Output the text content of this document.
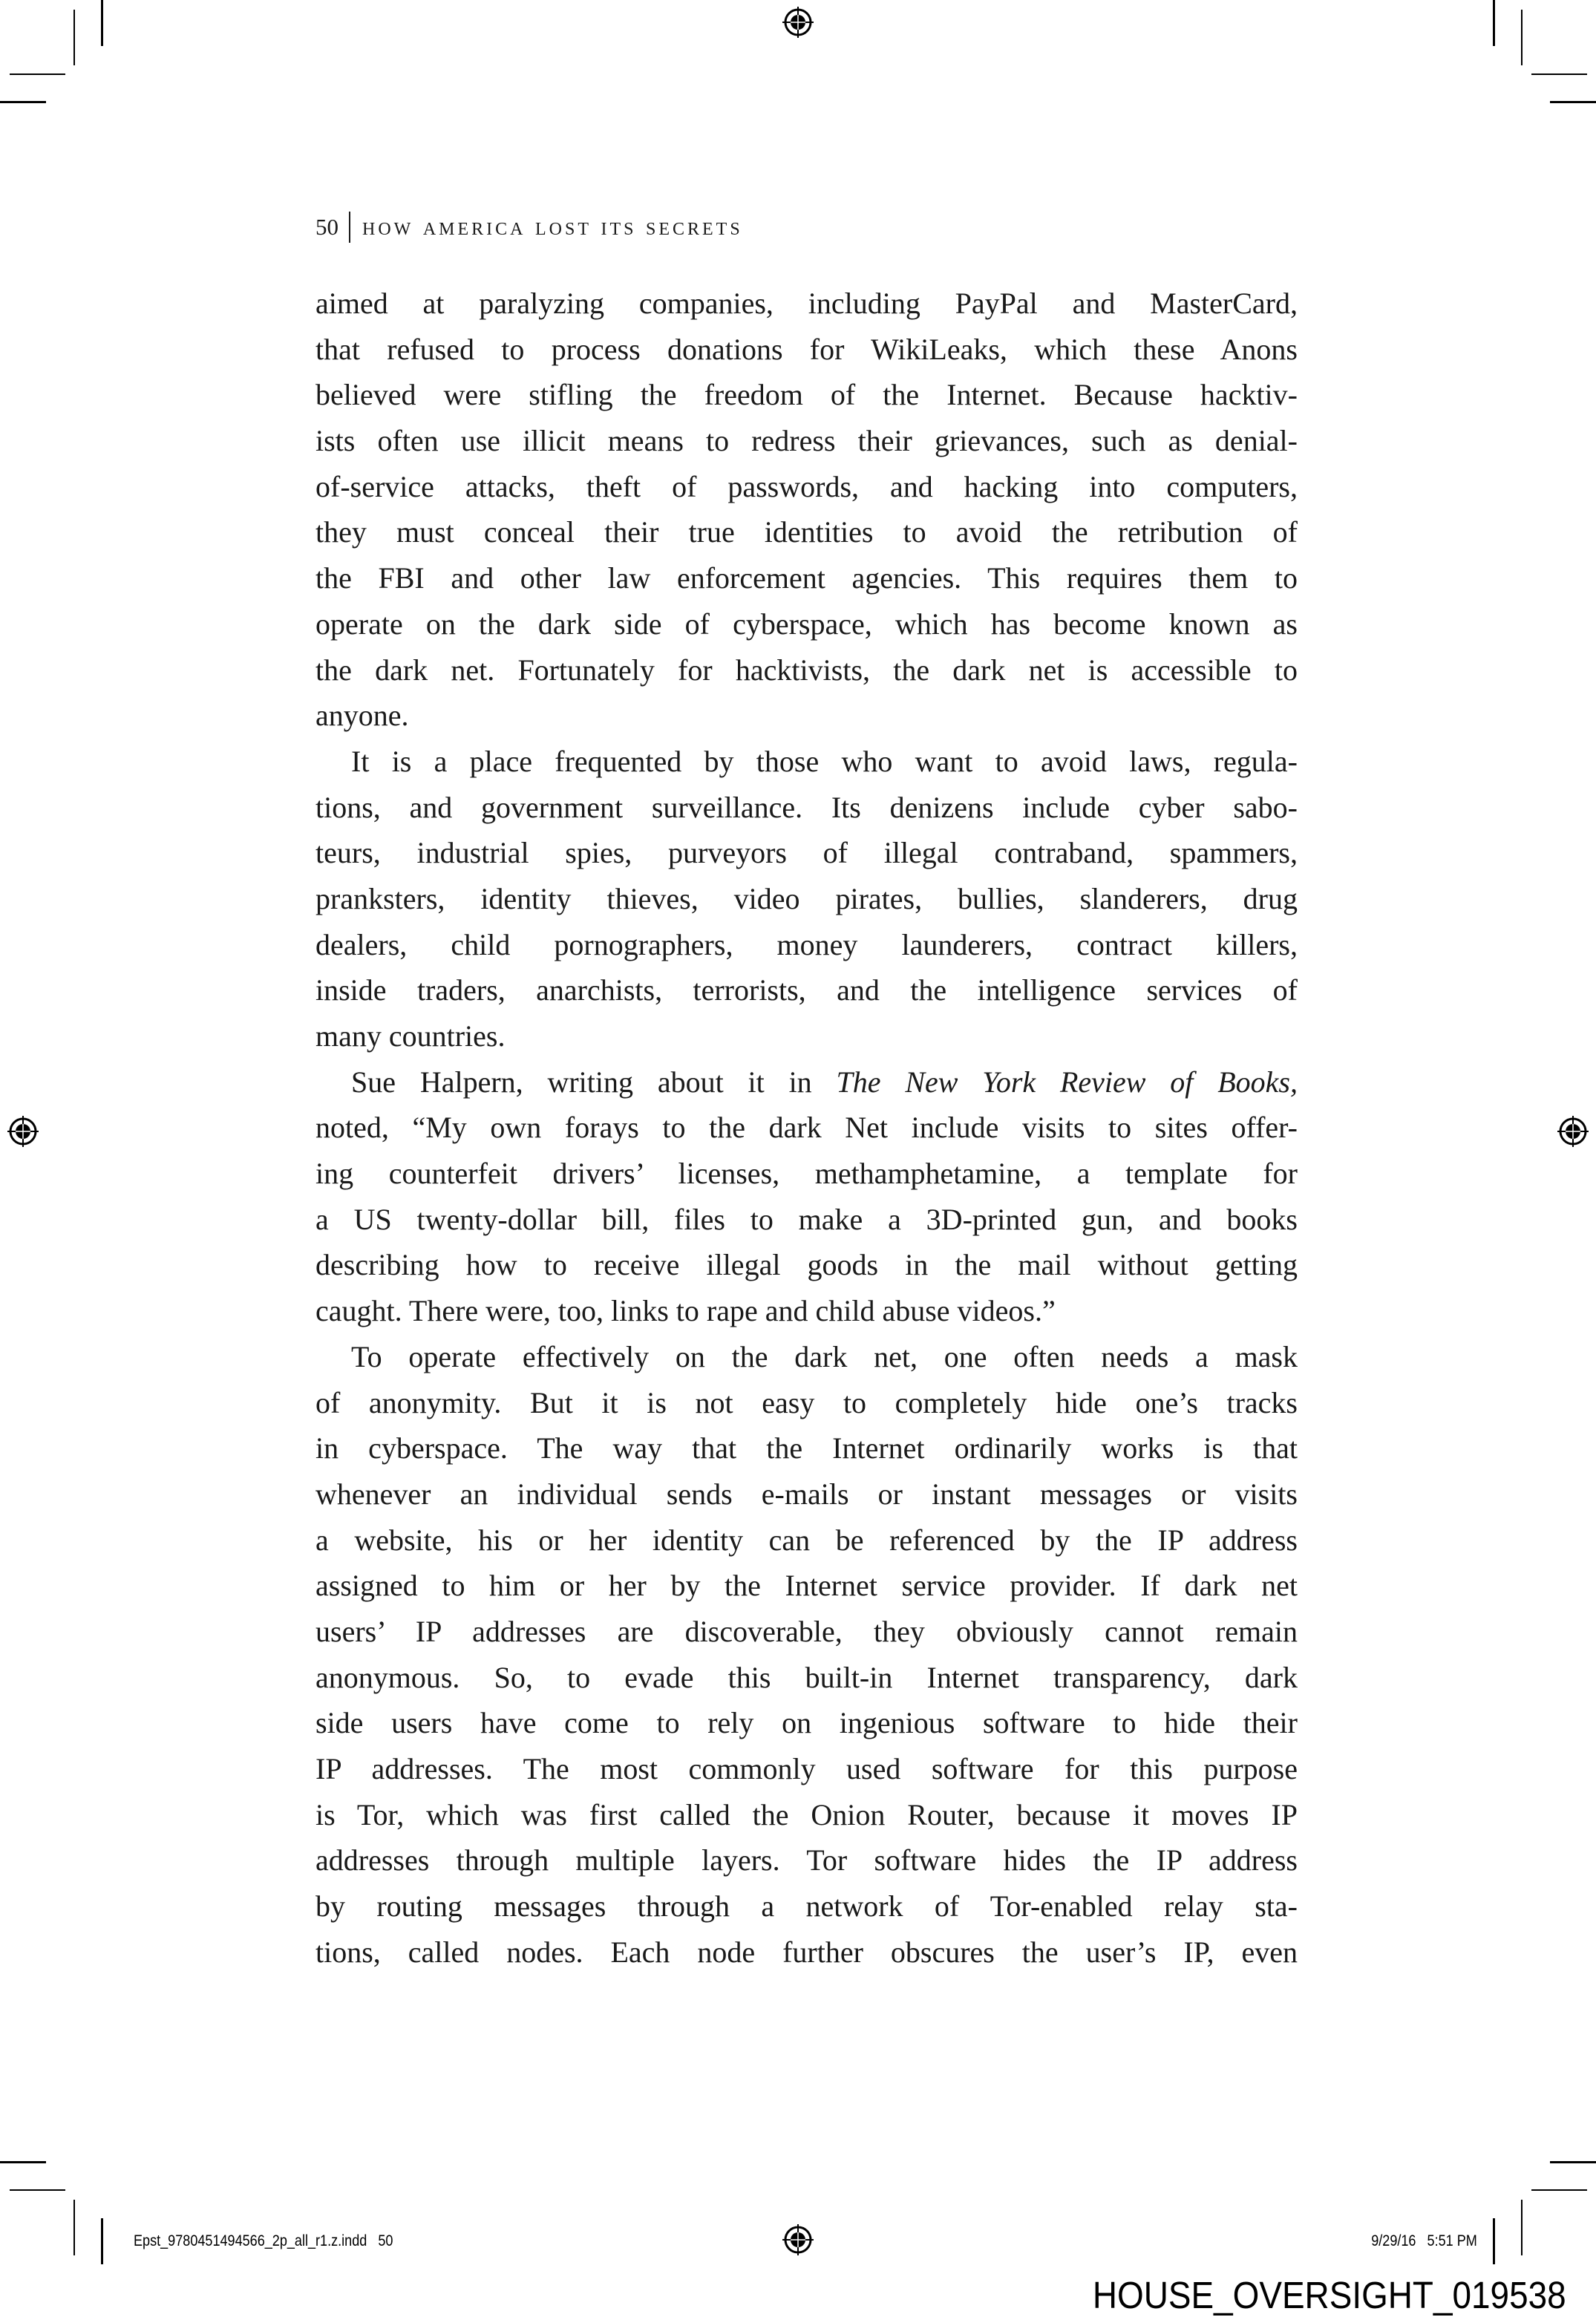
50 how america lost its secrets
aimed at paralyzing companies, including PayPal and MasterCard,
that refused to process donations for WikiLeaks, which these Anons
believed were stifling the freedom of the Internet. Because hacktiv-
ists often use illicit means to redress their grievances, such as denial-
of-service attacks, theft of passwords, and hacking into computers,
they must conceal their true identities to avoid the retribution of
the FBI and other law enforcement agencies. This requires them to
operate on the dark side of cyberspace, which has become known as
the dark net. Fortunately for hacktivists, the dark net is accessible to
anyone.
It is a place frequented by those who want to avoid laws, regula-
tions, and government surveillance. Its denizens include cyber sabo-
teurs, industrial spies, purveyors of illegal contraband, spammers,
pranksters, identity thieves, video pirates, bullies, slanderers, drug
dealers, child pornographers, money launderers, contract killers,
inside traders, anarchists, terrorists, and the intelligence services of
many countries.
Sue Halpern, writing about it in The New York Review of Books,
noted, “My own forays to the dark Net include visits to sites offer-
ing counterfeit drivers’ licenses, methamphetamine, a template for
a US twenty-dollar bill, files to make a 3D-printed gun, and books
describing how to receive illegal goods in the mail without getting
caught. There were, too, links to rape and child abuse videos.”
To operate effectively on the dark net, one often needs a mask
of anonymity. But it is not easy to completely hide one’s tracks
in cyberspace. The way that the Internet ordinarily works is that
whenever an individual sends e-mails or instant messages or visits
a website, his or her identity can be referenced by the IP address
assigned to him or her by the Internet service provider. If dark net
users’ IP addresses are discoverable, they obviously cannot remain
anonymous. So, to evade this built-in Internet transparency, dark
side users have come to rely on ingenious software to hide their
IP addresses. The most commonly used software for this purpose
is Tor, which was first called the Onion Router, because it moves IP
addresses through multiple layers. Tor software hides the IP address
by routing messages through a network of Tor-enabled relay sta-
tions, called nodes. Each node further obscures the user’s IP, even
Epst_9780451494566_2p_all_r1.z.indd 50	9/29/16 5:51 PM
HOUSE_OVERSIGHT_019538
